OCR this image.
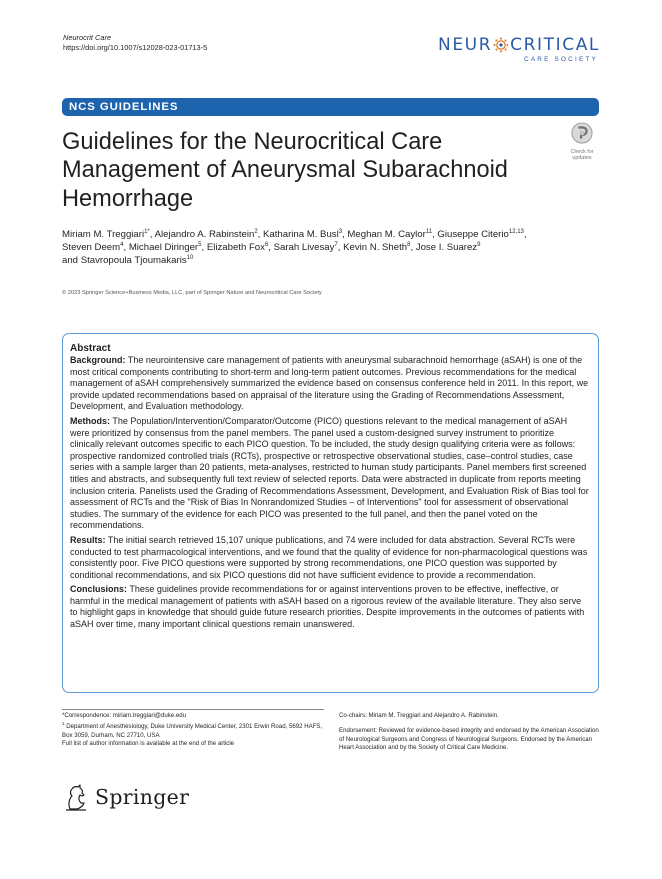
Neurocrit Care
https://doi.org/10.1007/s12028-023-01713-5	NEUR CRITICAL
CARE SOCIETY
NCS GUIDELINES
Guidelines for the Neurocritical Care Management of Aneurysmal Subarachnoid Hemorrhage
Check for
updates
Miriam M. Treggiari$^{1*}$, Alejandro A. Rabinstein$^2$, Katharina M. Busl$^3$, Meghan M. Caylor$^{11}$, Giuseppe Citerio$^{12,13}$,
Steven Deem$^4$, Michael Diringer$^5$, Elizabeth Fox$^6$, Sarah Livesay$^7$, Kevin N. Sheth$^8$, Jose I. Suarez$^9$
and Stavropoula Tjoumakaris$^{10}$
© 2023 Springer Science+Business Media, LLC, part of Springer Nature and Neurocritical Care Society
Abstract

Background: The neurointensive care management of patients with aneurysmal subarachnoid hemorrhage (aSAH) is one of the most critical components contributing to short-term and long-term patient outcomes. Previous recommendations for the medical management of aSAH comprehensively summarized the evidence based on consensus conference held in 2011. In this report, we provide updated recommendations based on appraisal of the literature using the Grading of Recommendations Assessment, Development, and Evaluation methodology.

Methods: The Population/Intervention/Comparator/Outcome (PICO) questions relevant to the medical management of aSAH were prioritized by consensus from the panel members. The panel used a custom-designed survey instrument to prioritize clinically relevant outcomes specific to each PICO question. To be included, the study design qualifying criteria were as follows: prospective randomized controlled trials (RCTs), prospective or retrospective observational studies, case–control studies, case series with a sample larger than 20 patients, meta-analyses, restricted to human study participants. Panel members first screened titles and abstracts, and subsequently full text review of selected reports. Data were abstracted in duplicate from reports meeting inclusion criteria. Panelists used the Grading of Recommendations Assessment, Development, and Evaluation Risk of Bias tool for assessment of RCTs and the "Risk of Bias In Nonrandomized Studies – of Interventions" tool for assessment of observational studies. The summary of the evidence for each PICO was presented to the full panel, and then the panel voted on the recommendations.

Results: The initial search retrieved 15,107 unique publications, and 74 were included for data abstraction. Several RCTs were conducted to test pharmacological interventions, and we found that the quality of evidence for non-pharmacological questions was consistently poor. Five PICO questions were supported by strong recommendations, one PICO question was supported by conditional recommendations, and six PICO questions did not have sufficient evidence to provide a recommendation.

Conclusions: These guidelines provide recommendations for or against interventions proven to be effective, ineffective, or harmful in the medical management of patients with aSAH based on a rigorous review of the available literature. They also serve to highlight gaps in knowledge that should guide future research priorities. Despite improvements in the outcomes of patients with aSAH over time, many important clinical questions remain unanswered.

*Correspondence: miriam.treggiari@duke.edu
$^1$ Department of Anesthesiology, Duke University Medical Center, 2301 Erwin Road, 5692 HAFS, Box 3059, Durham, NC 27710, USA
Full list of author information is available at the end of the article
Co-chairs: Miriam M. Treggiari and Alejandro A. Rabinstein.
Endorsement: Reviewed for evidence-based integrity and endorsed by the American Association of Neurological Surgeons and Congress of Neurological Surgeons. Endorsed by the American Heart Association and by the Society of Critical Care Medicine.
Springer
